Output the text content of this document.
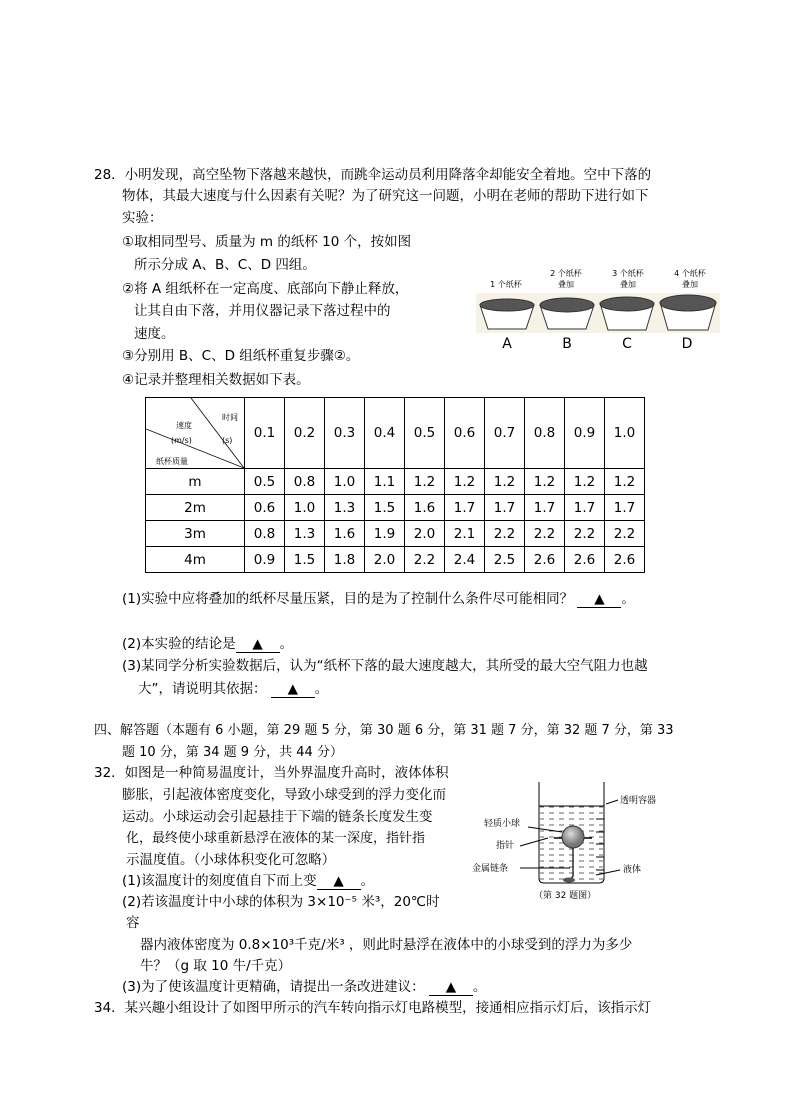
28．小明发现，高空坠物下落越来越快，而跳伞运动员利用降落伞却能安全着地。空中下落的
物体，其最大速度与什么因素有关呢？为了研究这一问题，小明在老师的帮助下进行如下
实验：
①取相同型号、质量为 m 的纸杯 10 个，按如图
所示分成 A、B、C、D 四组。
②将 A 组纸杯在一定高度、底部向下静止释放，
让其自由下落，并用仪器记录下落过程中的
速度。
③分别用 B、C、D 组纸杯重复步骤②。
④记录并整理相关数据如下表。
1 个纸杯
2 个纸杯
叠加
3 个纸杯
叠加
4 个纸杯
叠加
A	B	C	D
速度
(m/s)
时间
(s)
纸杯质量	0.1	0.2	0.3	0.4	0.5	0.6	0.7	0.8	0.9	1.0
m	0.5	0.8	1.0	1.1	1.2	1.2	1.2	1.2	1.2	1.2
2m	0.6	1.0	1.3	1.5	1.6	1.7	1.7	1.7	1.7	1.7
3m	0.8	1.3	1.6	1.9	2.0	2.1	2.2	2.2	2.2	2.2
4m	0.9	1.5	1.8	2.0	2.2	2.4	2.5	2.6	2.6	2.6
(1)实验中应将叠加的纸杯尽量压紧，目的是为了控制什么条件尽可能相同？ ▲ 。
(2)本实验的结论是 ▲ 。
(3)某同学分析实验数据后，认为“纸杯下落的最大速度越大，其所受的最大空气阻力也越
大”，请说明其依据： ▲ 。
四、解答题（本题有 6 小题，第 29 题 5 分，第 30 题 6 分，第 31 题 7 分，第 32 题 7 分，第 33
题 10 分，第 34 题 9 分，共 44 分）
32．如图是一种简易温度计，当外界温度升高时，液体体积
膨胀，引起液体密度变化，导致小球受到的浮力变化而
运动。小球运动会引起悬挂于下端的链条长度发生变
化，最终使小球重新悬浮在液体的某一深度，指针指
示温度值。（小球体积变化可忽略）
(1)该温度计的刻度值自下而上变 ▲ 。
(2)若该温度计中小球的体积为 3×10⁻⁵ 米³，20℃时
容
器内液体密度为 0.8×10³千克/米³ ，则此时悬浮在液体中的小球受到的浮力为多少
牛？（g 取 10 牛/千克）
(3)为了使该温度计更精确，请提出一条改进建议： ▲ 。
34．某兴趣小组设计了如图甲所示的汽车转向指示灯电路模型，接通相应指示灯后，该指示灯
透明容器
轻质小球
指针
金属链条	液体
（第 32 题图）
